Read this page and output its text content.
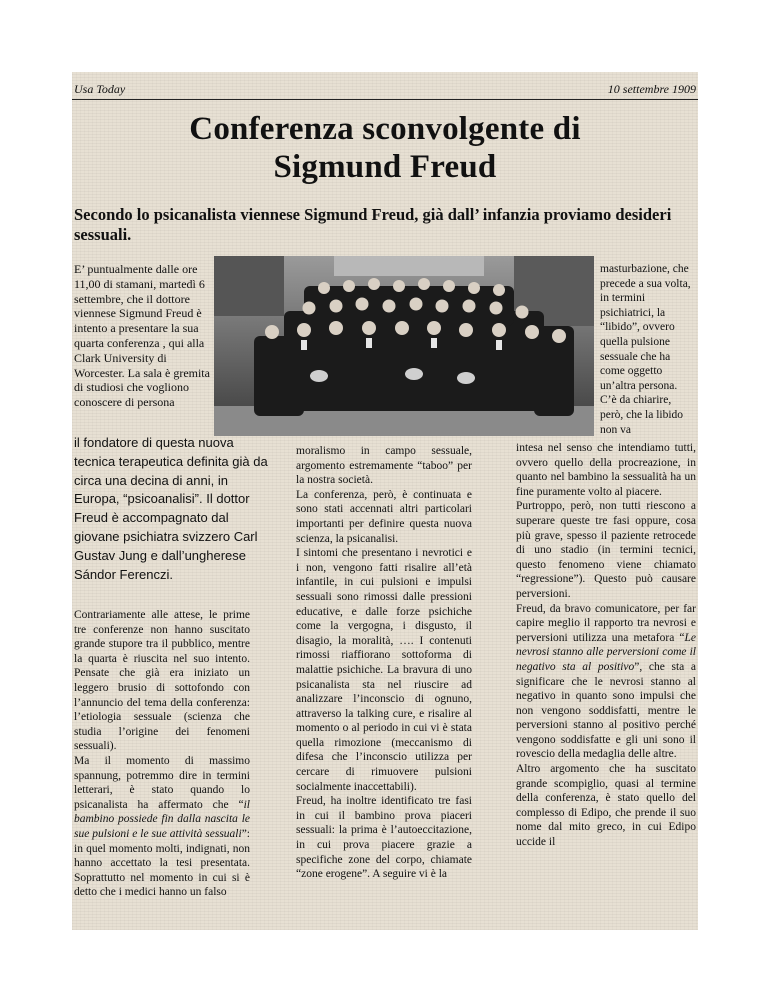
Usa Today	10 settembre 1909
Conferenza sconvolgente di
Sigmund Freud
Secondo lo psicanalista viennese Sigmund Freud, già dall’ infanzia proviamo desideri sessuali.
E’ puntualmente dalle ore 11,00 di stamani, martedì 6 settembre, che il dottore viennese Sigmund Freud è intento a presentare la sua quarta conferenza , qui alla Clark University di Worcester. La sala è gremita di studiosi che vogliono conoscere di persona
il fondatore di questa nuova tecnica terapeutica definita già da circa una decina di anni, in Europa, “psicoanalisi”. Il dottor Freud è accompagnato dal giovane psichiatra svizzero Carl Gustav Jung e dall’ungherese Sándor Ferenczi.

Contrariamente alle attese, le prime tre conferenze non hanno suscitato grande stupore tra il pubblico, mentre la quarta è riuscita nel suo intento. Pensate che già era iniziato un leggero brusio di sottofondo con l’annuncio del tema della conferenza: l’etiologia sessuale (scienza che studia l’origine dei fenomeni sessuali).

Ma il momento di massimo spannung, potremmo dire in termini letterari, è stato quando lo psicanalista ha affermato che “il bambino possiede fin dalla nascita le sue pulsioni e le sue attività sessuali”: in quel momento molti, indignati, non hanno accettato la tesi presentata. Soprattutto nel momento in cui si è detto che i medici hanno un falso

moralismo in campo sessuale, argomento estremamente “taboo” per la nostra società.

La conferenza, però, è continuata e sono stati accennati altri particolari importanti per definire questa nuova scienza, la psicanalisi.

I sintomi che presentano i nevrotici e i non, vengono fatti risalire all’età infantile, in cui pulsioni e impulsi sessuali sono rimossi dalle pressioni educative, e dalle forze psichiche come la vergogna, i disgusto, il disagio, la moralità, …. I contenuti rimossi riaffiorano sottoforma di malattie psichiche. La bravura di uno psicanalista sta nel riuscire ad analizzare l’inconscio di ognuno, attraverso la talking cure, e risalire al momento o al periodo in cui vi è stata quella rimozione (meccanismo di difesa che l’inconscio utilizza per cercare di rimuovere pulsioni socialmente inaccettabili).

Freud, ha inoltre identificato tre fasi in cui il bambino prova piaceri sessuali: la prima è l’autoeccitazione, in cui prova piacere grazie a specifiche zone del corpo, chiamate “zone erogene”. A seguire vi è la

masturbazione, che precede a sua volta, in termini psichiatrici, la “libido”, ovvero quella pulsione sessuale che ha come oggetto un’altra persona. C’è da chiarire, però, che la libido non va

intesa nel senso che intendiamo tutti, ovvero quello della procreazione, in quanto nel bambino la sessualità ha un fine puramente volto al piacere.

Purtroppo, però, non tutti riescono a superare queste tre fasi oppure, cosa più grave, spesso il paziente retrocede di uno stadio (in termini tecnici, questo fenomeno viene chiamato “regressione”). Questo può causare perversioni.

Freud, da bravo comunicatore, per far capire meglio il rapporto tra nevrosi e perversioni utilizza una metafora “Le nevrosi stanno alle perversioni come il negativo sta al positivo”, che sta a significare che le nevrosi stanno al negativo in quanto sono impulsi che non vengono soddisfatti, mentre le perversioni stanno al positivo perché vengono soddisfatte e gli uni sono il rovescio della medaglia delle altre.

Altro argomento che ha suscitato grande scompiglio, quasi al termine della conferenza, è stato quello del complesso di Edipo, che prende il suo nome dal mito greco, in cui Edipo uccide il
